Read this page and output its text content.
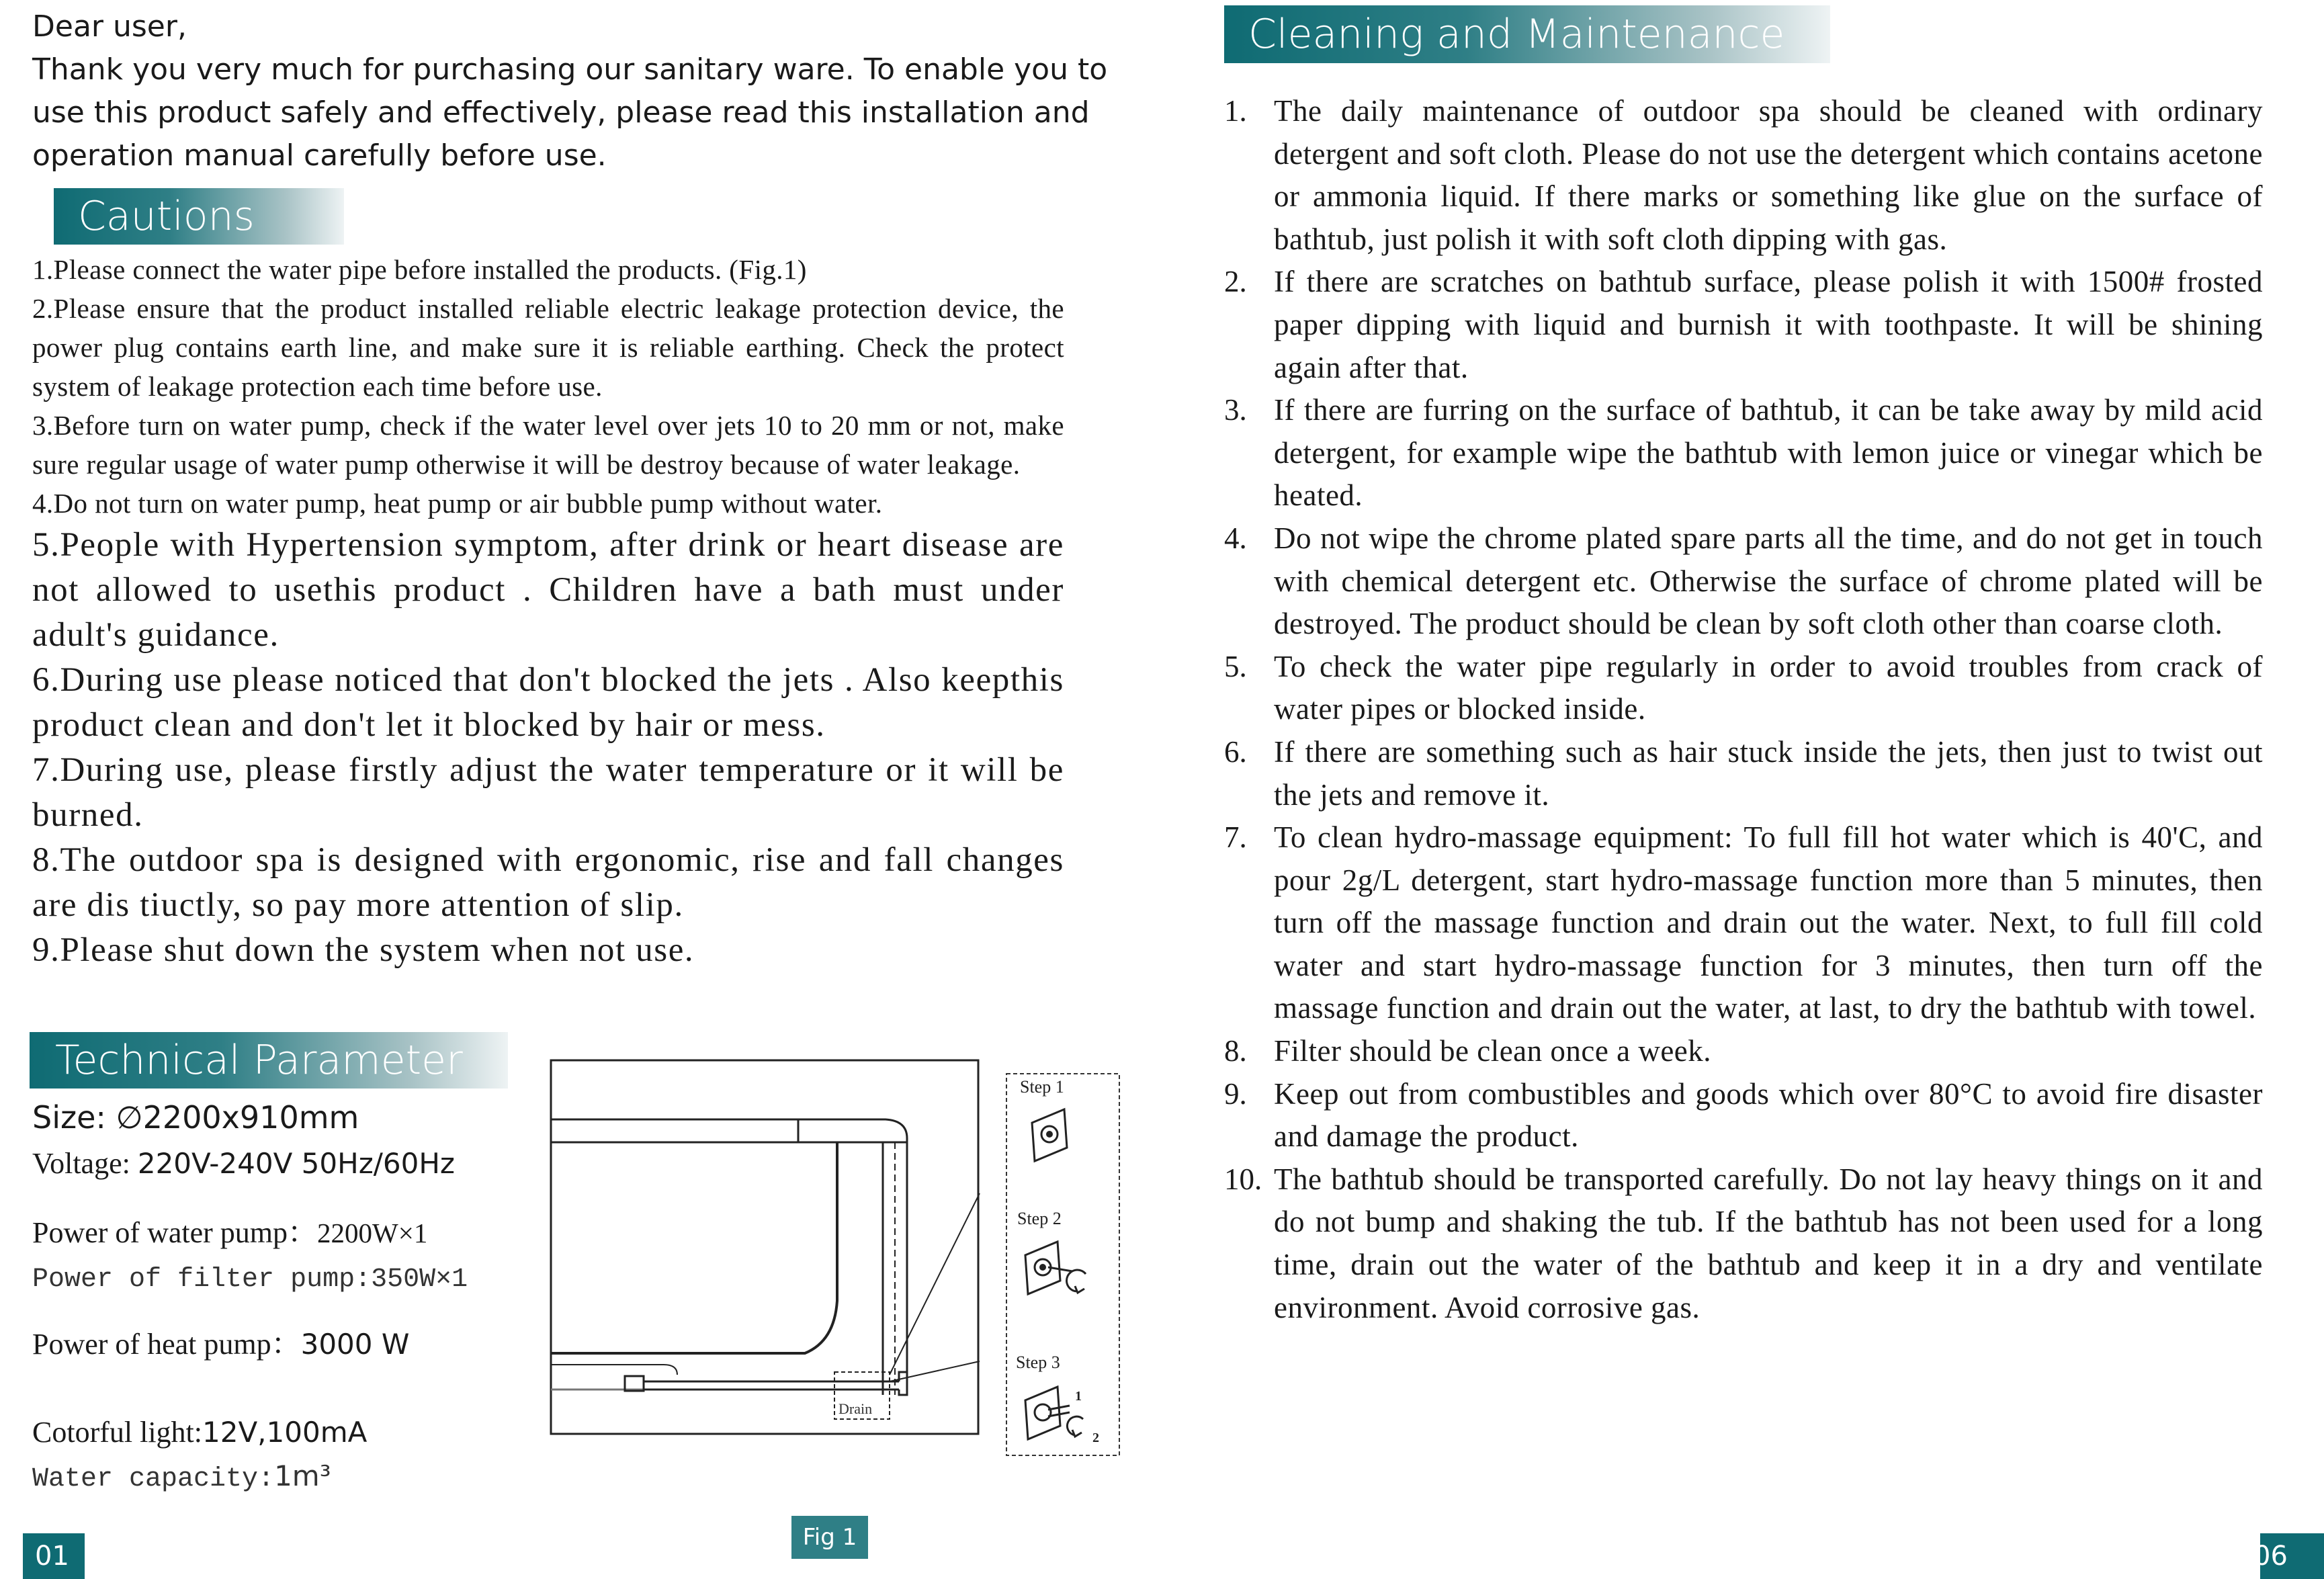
Dear user,
Thank you very much for purchasing our sanitary ware. To enable you to
use this product safely and effectively, please read this installation and
operation manual carefully before use.
Cautions

1.Please connect the water pipe before installed the products. (Fig.1)

2.Please ensure that the product installed reliable electric leakage protection device, the power plug contains earth line, and make sure it is reliable earthing. Check the protect system of leakage protection each time before use.

3.Before turn on water pump, check if the water level over jets 10 to 20 mm or not, make sure regular usage of water pump otherwise it will be destroy because of water leakage.

4.Do not turn on water pump, heat pump or air bubble pump without water.

5.People with Hypertension symptom, after drink or heart disease are not allowed to usethis product . Children have a bath must under adult's guidance.

6.During use please noticed that don't blocked the jets . Also keepthis product clean and don't let it blocked by hair or mess.

7.During use, please firstly adjust the water temperature or it will be burned.

8.The outdoor spa is designed with ergonomic, rise and fall changes are dis tiuctly, so pay more attention of slip.

9.Please shut down the system when not use.

Technical Parameter
Size: ∅2200x910mm
Voltage: 220V-240V 50Hz/60Hz
Power of water pump：2200W×1
Power of filter pump:350W×1
Power of heat pump：3000 W
Cotorful light:12V,100mA
Water capacity:1m³
Drain
Step 1
Step 2
Step 3
1
2
Fig 1
01
Cleaning and Maintenance
1. The daily maintenance of outdoor spa should be cleaned with ordinary detergent and soft cloth. Please do not use the detergent which contains acetone or ammonia liquid. If there marks or something like glue on the surface of bathtub, just polish it with soft cloth dipping with gas.
2. If there are scratches on bathtub surface, please polish it with 1500# frosted paper dipping with liquid and burnish it with toothpaste. It will be shining again after that.
3. If there are furring on the surface of bathtub, it can be take away by mild acid detergent, for example wipe the bathtub with lemon juice or vinegar which be heated.
4. Do not wipe the chrome plated spare parts all the time, and do not get in touch with chemical detergent etc. Otherwise the surface of chrome plated will be destroyed. The product should be clean by soft cloth other than coarse cloth.
5. To check the water pipe regularly in order to avoid troubles from crack of water pipes or blocked inside.
6. If there are something such as hair stuck inside the jets, then just to twist out the jets and remove it.
7. To clean hydro-massage equipment: To full fill hot water which is 40'C, and pour 2g/L detergent, start hydro-massage function more than 5 minutes, then turn off the massage function and drain out the water. Next, to full fill cold water and start hydro-massage function for 3 minutes, then turn off the massage function and drain out the water, at last, to dry the bathtub with towel.
8. Filter should be clean once a week.
9. Keep out from combustibles and goods which over 80°C to avoid fire disaster and damage the product.
10. The bathtub should be transported carefully. Do not lay heavy things on it and do not bump and shaking the tub. If the bathtub has not been used for a long time, drain out the water of the bathtub and keep it in a dry and ventilate environment. Avoid corrosive gas.
06
